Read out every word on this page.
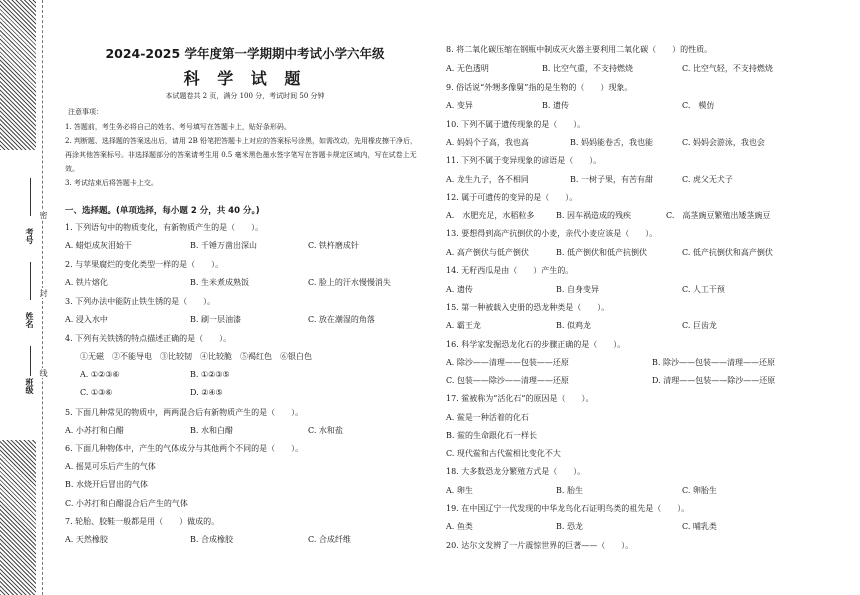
考号
姓名
班级
密
封
线
2024-2025 学年度第一学期期中考试小学六年级
科 学 试 题
本试题卷共 2 页，满分 100 分，考试时间 50 分钟
注意事项：
1. 答题前，考生务必将自己的姓名、考号填写在答题卡上，贴好条形码。
2. 判断题、选择题的答案选出后，请用 2B 铅笔把答题卡上对应的答案标号涂黑，如需改动，先用橡皮擦干净后，再涂其他答案标号。非选择题部分的答案请考生用 0.5 毫米黑色墨水签字笔写在答题卡规定区域内，写在试卷上无效。
3. 考试结束后将答题卡上交。
一、选择题。(单项选择，每小题 2 分，共 40 分。)
1. 下列语句中的物质变化，有新物质产生的是（　　）。
A. 蜡炬成灰泪始干	B. 千锤万凿出深山	C. 铁杵磨成针
2. 与苹果腐烂的变化类型一样的是（　　）。
A. 铁片熔化	B. 生米煮成熟饭	C. 脸上的汗水慢慢消失
3. 下列办法中能防止铁生锈的是（　　）。
A. 浸入水中	B. 刷一层油漆	C. 放在潮湿的角落
4. 下列有关铁锈的特点描述正确的是（　　）。
①无磁　②不能导电　③比较韧　④比较脆　⑤褐红色　⑥银白色
A. ①②③⑥	B. ①②③⑤
C. ①③⑥	D. ②④⑤
5. 下面几种常见的物质中，两两混合后有新物质产生的是（　　）。
A. 小苏打和白醋	B. 水和白醋	C. 水和盐
6. 下面几种物体中，产生的气体成分与其他两个不同的是（　　）。
A. 摇晃可乐后产生的气体
B. 水烧开后冒出的气体
C. 小苏打和白醋混合后产生的气体
7. 轮胎、胶鞋一般都是用（　　）做成的。
A. 天然橡胶	B. 合成橡胶	C. 合成纤维
8. 将二氧化碳压缩在钢瓶中制成灭火器主要利用二氧化碳（　　）的性质。
A. 无色透明	B. 比空气重，不支持燃烧	C. 比空气轻，不支持燃烧
9. 俗话说“外甥多像舅”指的是生物的（　　）现象。
A. 变异	B. 遗传	C.　模仿
10. 下列不属于遗传现象的是（　　）。
A. 妈妈个子高，我也高	B. 妈妈能卷舌，我也能	C. 妈妈会游泳，我也会
11. 下列不属于变异现象的谚语是（　　）。
A. 龙生九子，各不相同	B. 一树子果，有苦有甜	C. 虎父无犬子
12. 属于可遗传的变异的是（　　）。
A.　水肥充足，水稻粒多	B. 因车祸造成的残疾	C.　高茎豌豆繁殖出矮茎豌豆
13. 要想得到高产抗倒伏的小麦，亲代小麦应该是（　　）。
A. 高产倒伏与低产倒伏	B. 低产倒伏和低产抗倒伏	C. 低产抗倒伏和高产倒伏
14. 无籽西瓜是由（　　）产生的。
A. 遗传	B. 自身变异	C. 人工干预
15. 第一种被载入史册的恐龙种类是（　　）。
A. 霸王龙	B. 似鸡龙	C. 巨齿龙
16. 科学家发掘恐龙化石的步骤正确的是（　　）。
A. 除沙——清理——包装——还原	B. 除沙——包装——清理——还原
C. 包装——除沙——清理——还原	D. 清理——包装——除沙——还原
17. 鲎被称为“活化石”的原因是（　　）。
A. 鲎是一种活着的化石
B. 鲎的生命跟化石一样长
C. 现代鲎和古代鲎相比变化不大
18. 大多数恐龙分繁殖方式是（　　）。
A. 卵生	B. 胎生	C. 卵胎生
19. 在中国辽宁一代发现的中华龙鸟化石证明鸟类的祖先是（　　）。
A. 鱼类	B. 恐龙	C. 哺乳类
20. 达尔文发辨了一片震惊世界的巨著——（　　）。
